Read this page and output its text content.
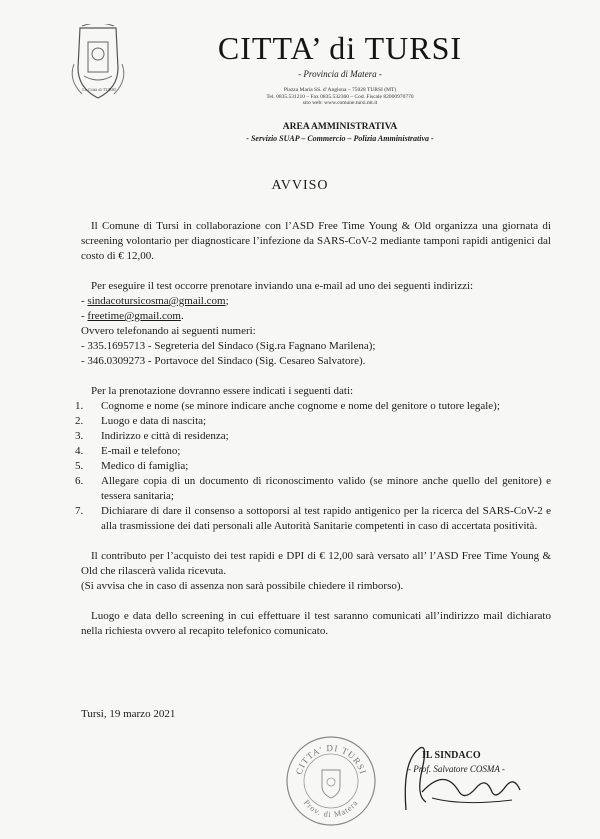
Lo Città di TURSI
CITTA’ di TURSI
- Provincia di Matera -
Piazza Maria SS. d’Anglona – 75028 TURSI (MT)
Tel. 0835.531210 – Fax 0835.532360 – Cod. Fiscale 82000970770
sito web: www.comune.tursi.mt.it
AREA AMMINISTRATIVA
- Servizio SUAP – Commercio – Polizia Amministrativa -
AVVISO

Il Comune di Tursi in collaborazione con l’ASD Free Time Young & Old organizza una giornata di screening volontario per diagnosticare l’infezione da SARS-CoV-2 mediante tamponi rapidi antigenici dal costo di € 12,00.

Per eseguire il test occorre prenotare inviando una e-mail ad uno dei seguenti indirizzi:

- sindacotursicosma@gmail.com;
- freetime@gmail.com.
Ovvero telefonando ai seguenti numeri:
- 335.1695713 - Segreteria del Sindaco (Sig.ra Fagnano Marilena);
- 346.0309273 - Portavoce del Sindaco (Sig. Cesareo Salvatore).

Per la prenotazione dovranno essere indicati i seguenti dati:

1. Cognome e nome (se minore indicare anche cognome e nome del genitore o tutore legale);
2. Luogo e data di nascita;
3. Indirizzo e città di residenza;
4. E-mail e telefono;
5. Medico di famiglia;
6. Allegare copia di un documento di riconoscimento valido (se minore anche quello del genitore) e tessera sanitaria;
7. Dichiarare di dare il consenso a sottoporsi al test rapido antigenico per la ricerca del SARS-CoV-2 e alla trasmissione dei dati personali alle Autorità Sanitarie competenti in caso di accertata positività.

Il contributo per l’acquisto dei test rapidi e DPI di € 12,00 sarà versato all’ l’ASD Free Time Young & Old che rilascerà valida ricevuta.

(Si avvisa che in caso di assenza non sarà possibile chiedere il rimborso).

Luogo e data dello screening in cui effettuare il test saranno comunicati all’indirizzo mail dichiarato nella richiesta ovvero al recapito telefonico comunicato.

Tursi, 19 marzo 2021
CITTA' DI TURSI
Prov. di Matera
IL SINDACO
- Prof. Salvatore COSMA -
